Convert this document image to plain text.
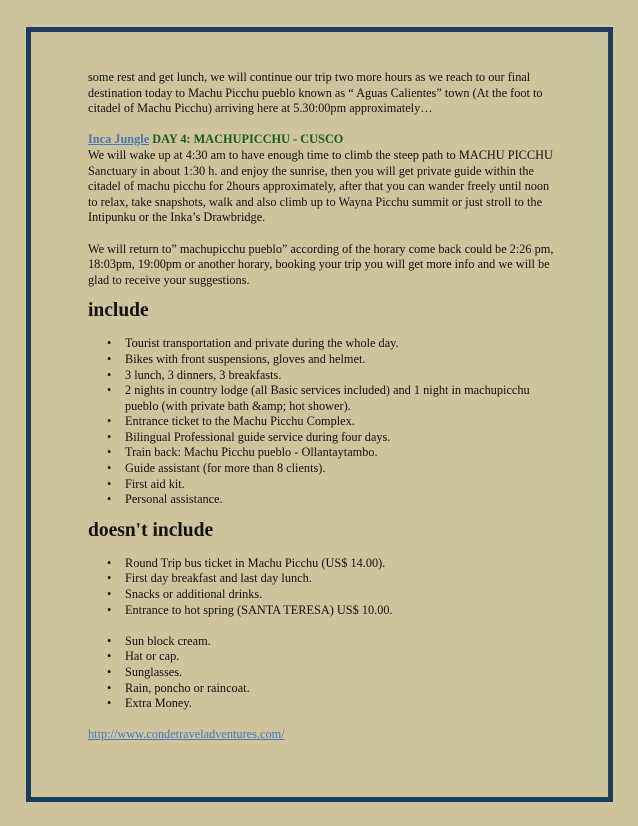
some rest and get lunch, we will continue our trip two more hours as we reach to our final destination today to Machu Picchu pueblo known as “ Aguas Calientes” town (At the foot to citadel of Machu Picchu) arriving here at 5.30:00pm approximately…

Inca Jungle DAY 4: MACHUPICCHU - CUSCO

We will wake up at 4:30 am to have enough time to climb the steep path to MACHU PICCHU Sanctuary in about 1:30 h. and enjoy the sunrise, then you will get private guide within the citadel of machu picchu for 2hours approximately, after that you can wander freely until noon to relax, take snapshots, walk and also climb up to Wayna Picchu summit or just stroll to the Intipunku or the Inka’s Drawbridge.

We will return to” machupicchu pueblo” according of the horary come back could be 2:26 pm, 18:03pm, 19:00pm or another horary, booking your trip you will get more info and we will be glad to receive your suggestions.

include
• Tourist transportation and private during the whole day.
• Bikes with front suspensions, gloves and helmet.
• 3 lunch, 3 dinners, 3 breakfasts.
• 2 nights in country lodge (all Basic services included) and 1 night in machupicchu pueblo (with private bath &amp; hot shower).
• Entrance ticket to the Machu Picchu Complex.
• Bilingual Professional guide service during four days.
• Train back: Machu Picchu pueblo - Ollantaytambo.
• Guide assistant (for more than 8 clients).
• First aid kit.
• Personal assistance.
doesn't include
• Round Trip bus ticket in Machu Picchu (US$ 14.00).
• First day breakfast and last day lunch.
• Snacks or additional drinks.
• Entrance to hot spring (SANTA TERESA) US$ 10.00.
• Sun block cream.
• Hat or cap.
• Sunglasses.
• Rain, poncho or raincoat.
• Extra Money.

http://www.condetraveladventures.com/
